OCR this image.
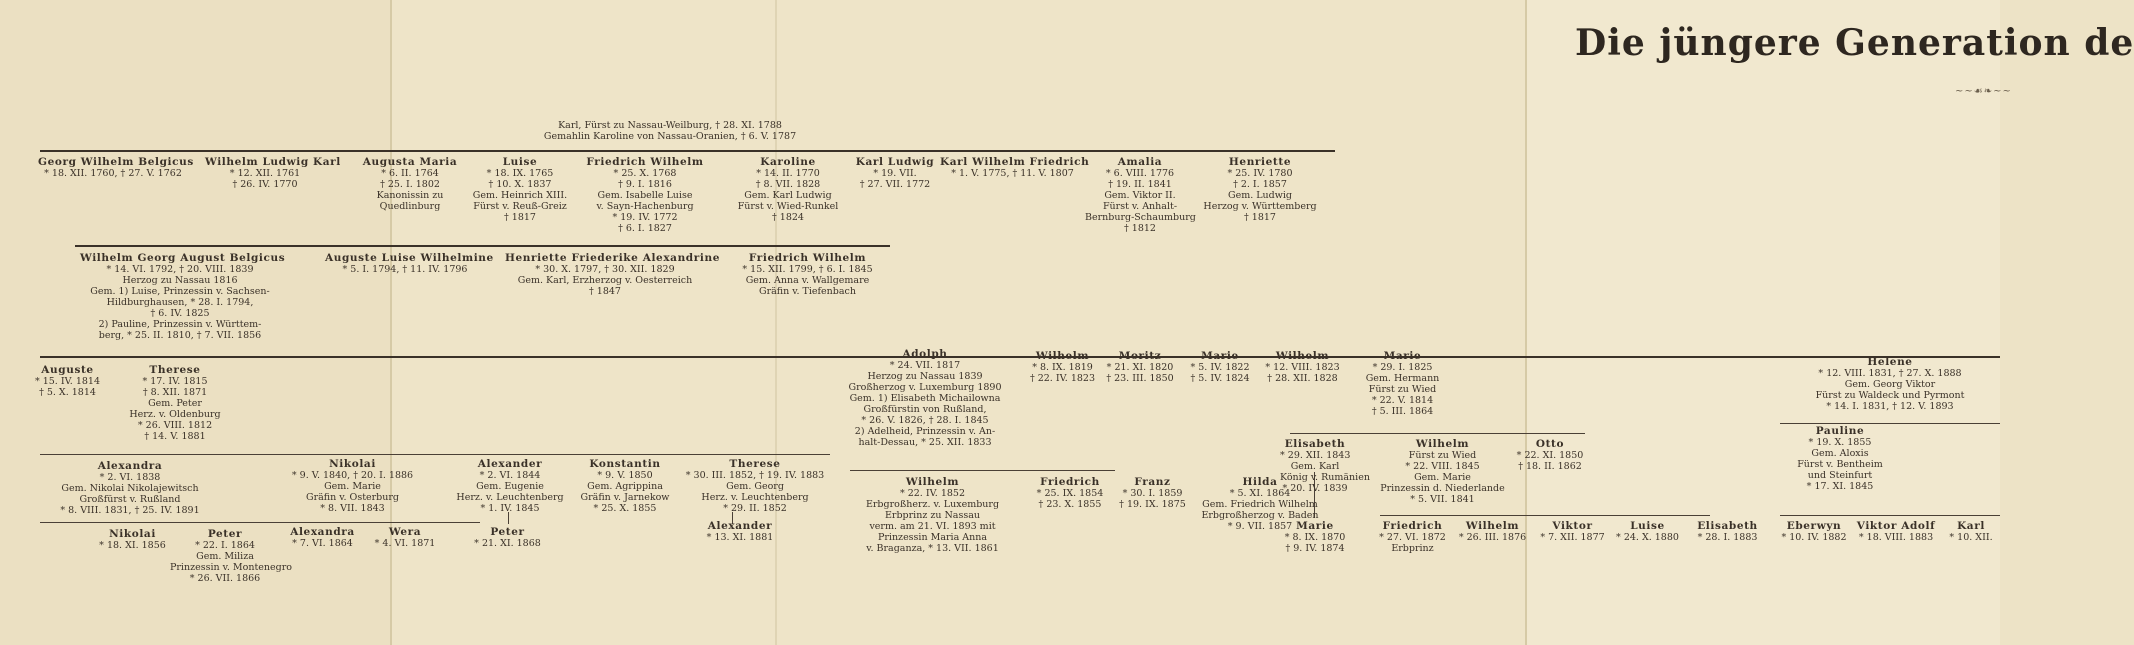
Die jüngere Generation de
~~☙❧~~
Karl, Fürst zu Nassau-Weilburg, † 28. XI. 1788
Gemahlin Karoline von Nassau-Oranien, † 6. V. 1787
Georg Wilhelm Belgicus
* 18. XII. 1760, † 27. V. 1762
Wilhelm Ludwig Karl
* 12. XII. 1761
† 26. IV. 1770
Augusta Maria
* 6. II. 1764
† 25. I. 1802
Kanonissin zu
Quedlinburg
Luise
* 18. IX. 1765
† 10. X. 1837
Gem. Heinrich XIII.
Fürst v. Reuß-Greiz
† 1817
Friedrich Wilhelm
* 25. X. 1768
† 9. I. 1816
Gem. Isabelle Luise
v. Sayn-Hachenburg
* 19. IV. 1772
† 6. I. 1827
Karoline
* 14. II. 1770
† 8. VII. 1828
Gem. Karl Ludwig
Fürst v. Wied-Runkel
† 1824
Karl Ludwig
* 19. VII.
† 27. VII. 1772
Karl Wilhelm Friedrich
* 1. V. 1775, † 11. V. 1807
Amalia
* 6. VIII. 1776
† 19. II. 1841
Gem. Viktor II.
Fürst v. Anhalt-
Bernburg-Schaumburg
† 1812
Henriette
* 25. IV. 1780
† 2. I. 1857
Gem. Ludwig
Herzog v. Württemberg
† 1817
Wilhelm Georg August Belgicus
* 14. VI. 1792, † 20. VIII. 1839
Herzog zu Nassau 1816
Gem. 1) Luise, Prinzessin v. Sachsen-
Hildburghausen, * 28. I. 1794,
† 6. IV. 1825
2) Pauline, Prinzessin v. Württem-
berg, * 25. II. 1810, † 7. VII. 1856
Auguste Luise Wilhelmine
* 5. I. 1794, † 11. IV. 1796
Henriette Friederike Alexandrine
* 30. X. 1797, † 30. XII. 1829
Gem. Karl, Erzherzog v. Oesterreich
† 1847
Friedrich Wilhelm
* 15. XII. 1799, † 6. I. 1845
Gem. Anna v. Wallgemare
Gräfin v. Tiefenbach
Auguste
* 15. IV. 1814
† 5. X. 1814
Therese
* 17. IV. 1815
† 8. XII. 1871
Gem. Peter
Herz. v. Oldenburg
* 26. VIII. 1812
† 14. V. 1881
Adolph
* 24. VII. 1817
Herzog zu Nassau 1839
Großherzog v. Luxemburg 1890
Gem. 1) Elisabeth Michailowna
Großfürstin von Rußland,
* 26. V. 1826, † 28. I. 1845
2) Adelheid, Prinzessin v. An-
halt-Dessau, * 25. XII. 1833
Wilhelm
* 8. IX. 1819
† 22. IV. 1823
Moritz
* 21. XI. 1820
† 23. III. 1850
Marie
* 5. IV. 1822
† 5. IV. 1824
Wilhelm
* 12. VIII. 1823
† 28. XII. 1828
Marie
* 29. I. 1825
Gem. Hermann
Fürst zu Wied
* 22. V. 1814
† 5. III. 1864
Helene
* 12. VIII. 1831, † 27. X. 1888
Gem. Georg Viktor
Fürst zu Waldeck und Pyrmont
* 14. I. 1831, † 12. V. 1893
Pauline
* 19. X. 1855
Gem. Aloxis
Fürst v. Bentheim
und Steinfurt
* 17. XI. 1845
Alexandra
* 2. VI. 1838
Gem. Nikolai Nikolajewitsch
Großfürst v. Rußland
* 8. VIII. 1831, † 25. IV. 1891
Nikolai
* 9. V. 1840, † 20. I. 1886
Gem. Marie
Gräfin v. Osterburg
* 8. VII. 1843
Alexander
* 2. VI. 1844
Gem. Eugenie
Herz. v. Leuchtenberg
* 1. IV. 1845
Konstantin
* 9. V. 1850
Gem. Agrippina
Gräfin v. Jarnekow
* 25. X. 1855
Therese
* 30. III. 1852, † 19. IV. 1883
Gem. Georg
Herz. v. Leuchtenberg
* 29. II. 1852
Wilhelm
* 22. IV. 1852
Erbgroßherz. v. Luxemburg
Erbprinz zu Nassau
verm. am 21. VI. 1893 mit
Prinzessin Maria Anna
v. Braganza, * 13. VII. 1861
Friedrich
* 25. IX. 1854
† 23. X. 1855
Franz
* 30. I. 1859
† 19. IX. 1875
Hilda
* 5. XI. 1864
Gem. Friedrich Wilhelm
Erbgroßherzog v. Baden
* 9. VII. 1857
Elisabeth
* 29. XII. 1843
Gem. Karl
König v. Rumänien
* 20. IV. 1839
Wilhelm
Fürst zu Wied
* 22. VIII. 1845
Gem. Marie
Prinzessin d. Niederlande
* 5. VII. 1841
Otto
* 22. XI. 1850
† 18. II. 1862
Nikolai
* 18. XI. 1856
Peter
* 22. I. 1864
Gem. Miliza
Prinzessin v. Montenegro
* 26. VII. 1866
Alexandra
* 7. VI. 1864
Wera
* 4. VI. 1871
Peter
* 21. XI. 1868
Alexander
* 13. XI. 1881
Marie
* 8. IX. 1870
† 9. IV. 1874
Friedrich
* 27. VI. 1872
Erbprinz
Wilhelm
* 26. III. 1876
Viktor
* 7. XII. 1877
Luise
* 24. X. 1880
Elisabeth
* 28. I. 1883
Eberwyn
* 10. IV. 1882
Viktor Adolf
* 18. VIII. 1883
Karl
* 10. XII.
